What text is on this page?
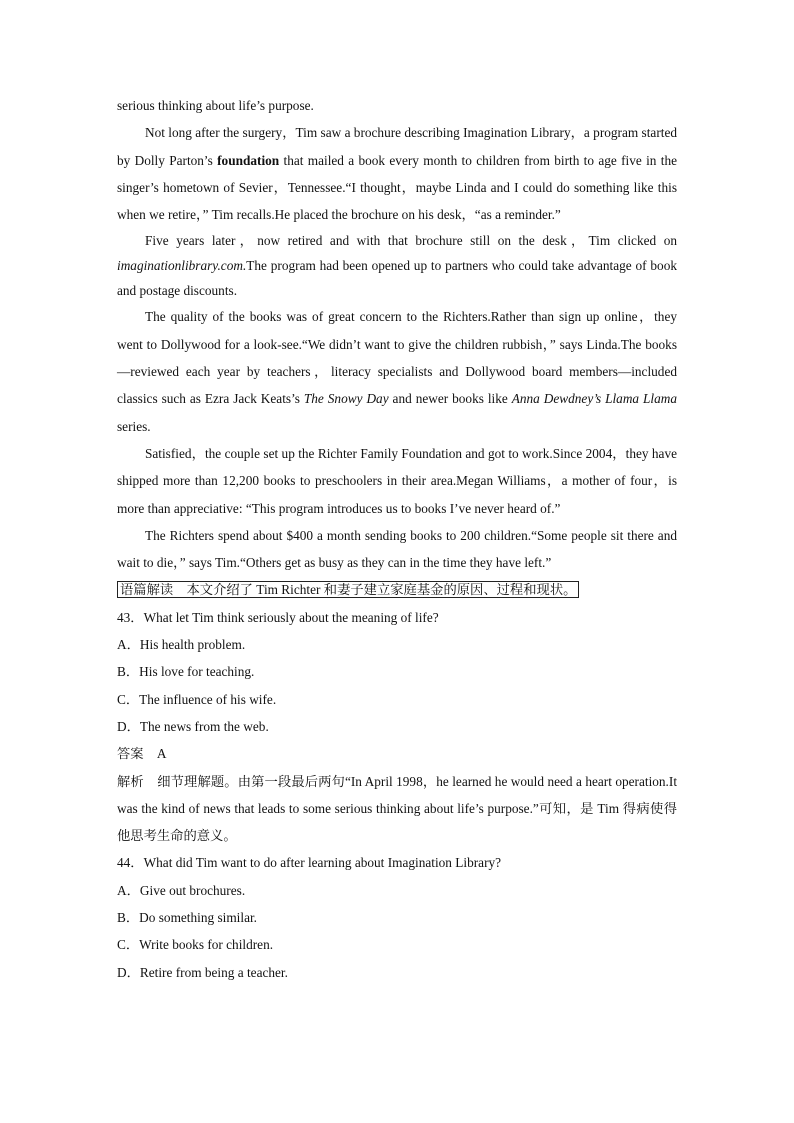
serious thinking about life’s purpose.

Not long after the surgery，Tim saw a brochure describing Imagination Library，a program started by Dolly Parton’s foundation that mailed a book every month to children from birth to age five in the singer’s hometown of Sevier，Tennessee.“I thought，maybe Linda and I could do something like this when we retire，” Tim recalls.He placed the brochure on his desk，“as a reminder.”

Five years later，now retired and with that brochure still on the desk，Tim clicked on imaginationlibrary.com.The program had been opened up to partners who could take advantage of book and postage discounts.

The quality of the books was of great concern to the Richters.Rather than sign up online，they went to Dollywood for a look-see.“We didn’t want to give the children rubbish，” says Linda.The books—reviewed each year by teachers，literacy specialists and Dollywood board members—included classics such as Ezra Jack Keats’s The Snowy Day and newer books like Anna Dewdney’s Llama Llama series.

Satisfied，the couple set up the Richter Family Foundation and got to work.Since 2004，they have shipped more than 12,200 books to preschoolers in their area.Megan Williams，a mother of four，is more than appreciative: “This program introduces us to books I’ve never heard of.”

The Richters spend about $400 a month sending books to 200 children.“Some people sit there and wait to die，” says Tim.“Others get as busy as they can in the time they have left.”

语篇解读　本文介绍了 Tim Richter 和妻子建立家庭基金的原因、过程和现状。
43．What let Tim think seriously about the meaning of life?
A．His health problem.
B．His love for teaching.
C．The influence of his wife.
D．The news from the web.
答案　A

解析　细节理解题。由第一段最后两句“In April 1998，he learned he would need a heart operation.It was the kind of news that leads to some serious thinking about life’s purpose.”可知，是 Tim 得病使得他思考生命的意义。

44．What did Tim want to do after learning about Imagination Library?
A．Give out brochures.
B．Do something similar.
C．Write books for children.
D．Retire from being a teacher.
